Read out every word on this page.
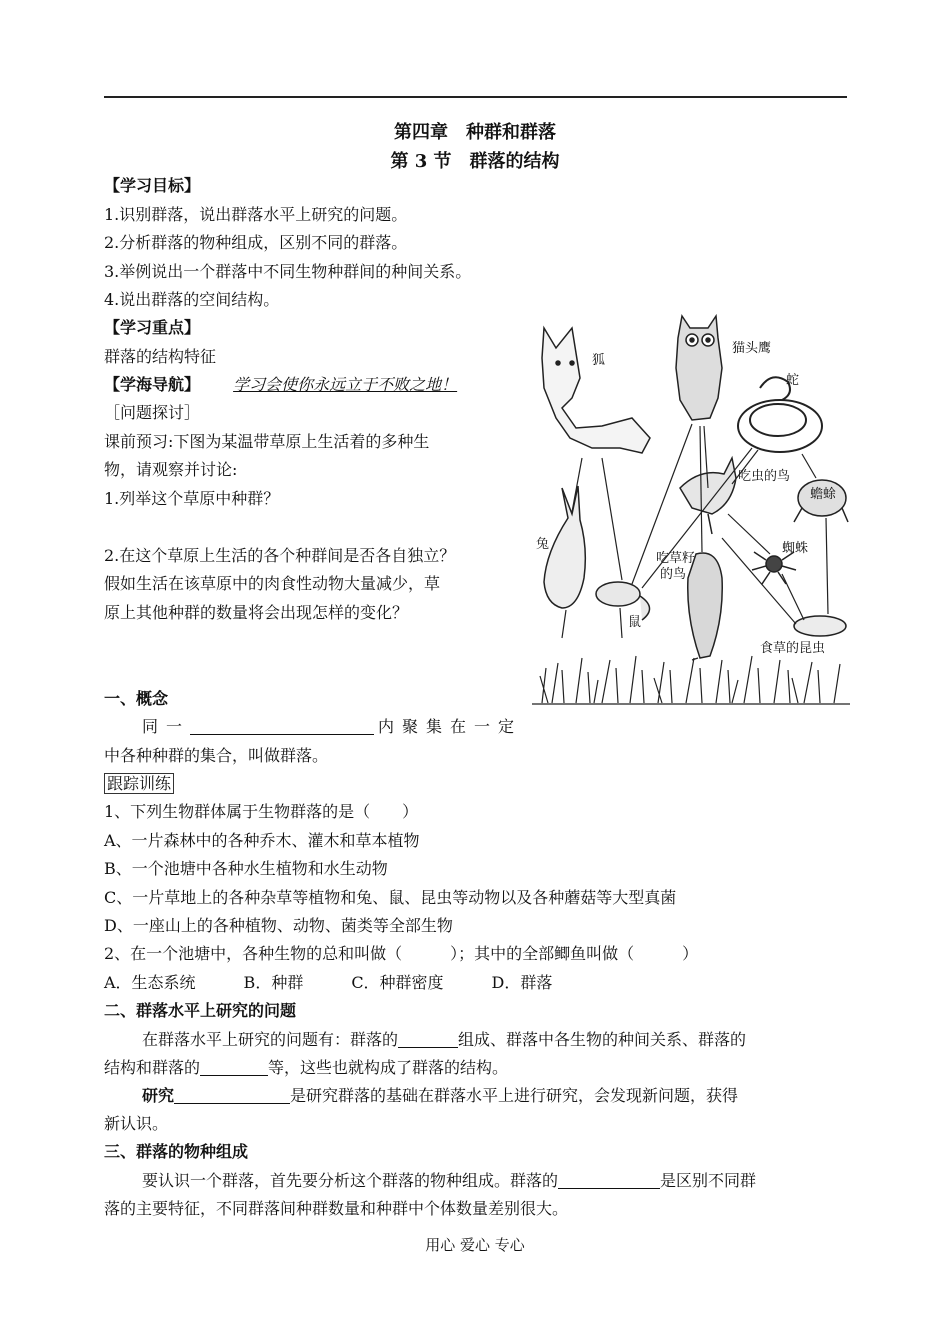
第四章　种群和群落
第 3 节　群落的结构
【学习目标】
1.识别群落，说出群落水平上研究的问题。
2.分析群落的物种组成，区别不同的群落。
3.举例说出一个群落中不同生物种群间的种间关系。
4.说出群落的空间结构。
【学习重点】
群落的结构特征
【学海导航】 学习会使你永远立于不败之地！
［问题探讨］
课前预习:下图为某温带草原上生活着的多种生
物，请观察并讨论:
1.列举这个草原中种群？
2.在这个草原上生活的各个种群间是否各自独立？
假如生活在该草原中的肉食性动物大量减少，草
原上其他种群的数量将会出现怎样的变化？
狐
猫头鹰
蛇
吃虫的鸟
蟾蜍
兔
吃草籽
的鸟
蜘蛛
鼠
食草的昆虫
一、概念
同一	内聚集在一定
中各种种群的集合，叫做群落。
跟踪训练
1、下列生物群体属于生物群落的是（　　）
A、一片森林中的各种乔木、灌木和草本植物
B、一个池塘中各种水生植物和水生动物
C、一片草地上的各种杂草等植物和兔、鼠、昆虫等动物以及各种蘑菇等大型真菌
D、一座山上的各种植物、动物、菌类等全部生物
2、在一个池塘中，各种生物的总和叫做（　　　）；其中的全部鲫鱼叫做（　　　）
A．生态系统　　　B．种群　　　C．种群密度　　　D．群落
二、群落水平上研究的问题
在群落水平上研究的问题有：群落的	组成、群落中各生物的种间关系、群落的
结构和群落的	等，这些也就构成了群落的结构。
研究	是研究群落的基础在群落水平上进行研究，会发现新问题，获得
新认识。
三、群落的物种组成
要认识一个群落，首先要分析这个群落的物种组成。群落的	是区别不同群
落的主要特征，不同群落间种群数量和种群中个体数量差别很大。
用心 爱心 专心
